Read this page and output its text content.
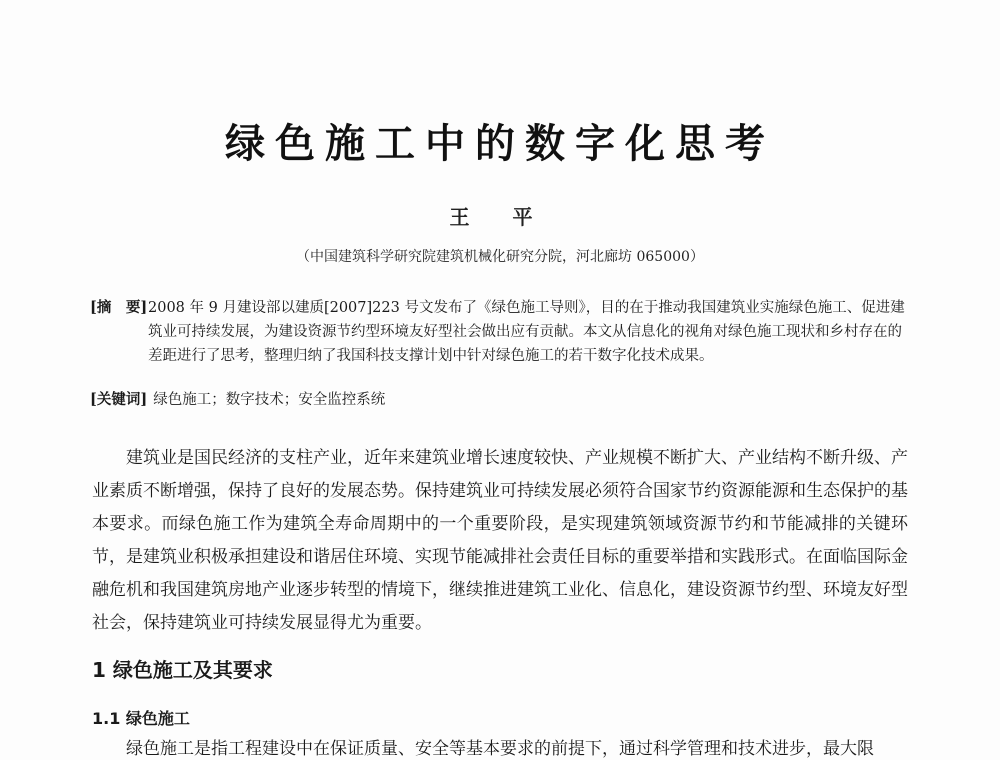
绿色施工中的数字化思考
王 平
（中国建筑科学研究院建筑机械化研究分院，河北廊坊 065000）
[摘　要] 2008 年 9 月建设部以建质[2007]223 号文发布了《绿色施工导则》，目的在于推动我国建筑业实施绿色施工、促进建筑业可持续发展，为建设资源节约型环境友好型社会做出应有贡献。本文从信息化的视角对绿色施工现状和乡村存在的差距进行了思考，整理归纳了我国科技支撑计划中针对绿色施工的若干数字化技术成果。
[关键词] 绿色施工；数字技术；安全监控系统
建筑业是国民经济的支柱产业，近年来建筑业增长速度较快、产业规模不断扩大、产业结构不断升级、产业素质不断增强，保持了良好的发展态势。保持建筑业可持续发展必须符合国家节约资源能源和生态保护的基本要求。而绿色施工作为建筑全寿命周期中的一个重要阶段，是实现建筑领域资源节约和节能减排的关键环节，是建筑业积极承担建设和谐居住环境、实现节能减排社会责任目标的重要举措和实践形式。在面临国际金融危机和我国建筑房地产业逐步转型的情境下，继续推进建筑工业化、信息化，建设资源节约型、环境友好型社会，保持建筑业可持续发展显得尤为重要。
1 绿色施工及其要求
1.1 绿色施工
绿色施工是指工程建设中在保证质量、安全等基本要求的前提下，通过科学管理和技术进步，最大限
